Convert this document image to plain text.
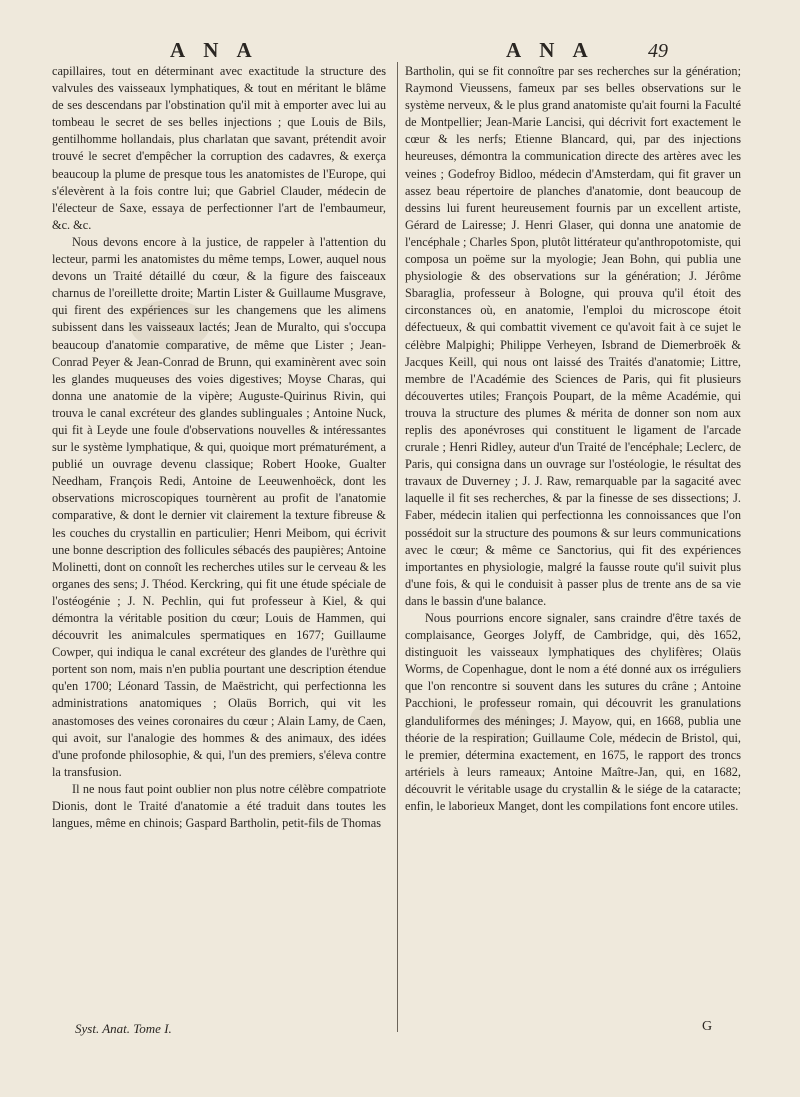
A N A	A N A	49

capillaires, tout en déterminant avec exactitude la structure des valvules des vaisseaux lymphatiques, & tout en méritant le blâme de ses descendans par l'obstination qu'il mit à emporter avec lui au tombeau le secret de ses belles injections ; que Louis de Bils, gentilhomme hollandais, plus charlatan que savant, prétendit avoir trouvé le secret d'empêcher la corruption des cadavres, & exerça beaucoup la plume de presque tous les anatomistes de l'Europe, qui s'élevèrent à la fois contre lui; que Gabriel Clauder, médecin de l'électeur de Saxe, essaya de perfectionner l'art de l'embaumeur, &c. &c.

Nous devons encore à la justice, de rappeler à l'attention du lecteur, parmi les anatomistes du même temps, Lower, auquel nous devons un Traité détaillé du cœur, & la figure des faisceaux charnus de l'oreillette droite; Martin Lister & Guillaume Musgrave, qui firent des expériences sur les changemens que les alimens subissent dans les vaisseaux lactés; Jean de Muralto, qui s'occupa beaucoup d'anatomie comparative, de même que Lister ; Jean-Conrad Peyer & Jean-Conrad de Brunn, qui examinèrent avec soin les glandes muqueuses des voies digestives; Moyse Charas, qui donna une anatomie de la vipère; Auguste-Quirinus Rivin, qui trouva le canal excréteur des glandes sublinguales ; Antoine Nuck, qui fit à Leyde une foule d'observations nouvelles & intéressantes sur le système lymphatique, & qui, quoique mort prématurément, a publié un ouvrage devenu classique; Robert Hooke, Gualter Needham, François Redi, Antoine de Leeuwenhoëck, dont les observations microscopiques tournèrent au profit de l'anatomie comparative, & dont le dernier vit clairement la texture fibreuse & les couches du crystallin en particulier; Henri Meibom, qui écrivit une bonne description des follicules sébacés des paupières; Antoine Molinetti, dont on connoît les recherches utiles sur le cerveau & les organes des sens; J. Théod. Kerckring, qui fit une étude spéciale de l'ostéogénie ; J. N. Pechlin, qui fut professeur à Kiel, & qui démontra la véritable position du cœur; Louis de Hammen, qui découvrit les animalcules spermatiques en 1677; Guillaume Cowper, qui indiqua le canal excréteur des glandes de l'urèthre qui portent son nom, mais n'en publia pourtant une description étendue qu'en 1700; Léonard Tassin, de Maëstricht, qui perfectionna les administrations anatomiques ; Olaüs Borrich, qui vit les anastomoses des veines coronaires du cœur ; Alain Lamy, de Caen, qui avoit, sur l'analogie des hommes & des animaux, des idées d'une profonde philosophie, & qui, l'un des premiers, s'éleva contre la transfusion.

Il ne nous faut point oublier non plus notre célèbre compatriote Dionis, dont le Traité d'anatomie a été traduit dans toutes les langues, même en chinois; Gaspard Bartholin, petit-fils de Thomas

Bartholin, qui se fit connoître par ses recherches sur la génération; Raymond Vieussens, fameux par ses belles observations sur le système nerveux, & le plus grand anatomiste qu'ait fourni la Faculté de Montpellier; Jean-Marie Lancisi, qui décrivit fort exactement le cœur & les nerfs; Etienne Blancard, qui, par des injections heureuses, démontra la communication directe des artères avec les veines ; Godefroy Bidloo, médecin d'Amsterdam, qui fit graver un assez beau répertoire de planches d'anatomie, dont beaucoup de dessins lui furent heureusement fournis par un excellent artiste, Gérard de Lairesse; J. Henri Glaser, qui donna une anatomie de l'encéphale ; Charles Spon, plutôt littérateur qu'anthropotomiste, qui composa un poëme sur la myologie; Jean Bohn, qui publia une physiologie & des observations sur la génération; J. Jérôme Sbaraglia, professeur à Bologne, qui prouva qu'il étoit des circonstances où, en anatomie, l'emploi du microscope étoit défectueux, & qui combattit vivement ce qu'avoit fait à ce sujet le célèbre Malpighi; Philippe Verheyen, Isbrand de Diemerbroëk & Jacques Keill, qui nous ont laissé des Traités d'anatomie; Littre, membre de l'Académie des Sciences de Paris, qui fit plusieurs découvertes utiles; François Poupart, de la même Académie, qui trouva la structure des plumes & mérita de donner son nom aux replis des aponévroses qui constituent le ligament de l'arcade crurale ; Henri Ridley, auteur d'un Traité de l'encéphale; Leclerc, de Paris, qui consigna dans un ouvrage sur l'ostéologie, le résultat des travaux de Duverney ; J. J. Raw, remarquable par la sagacité avec laquelle il fit ses recherches, & par la finesse de ses dissections; J. Faber, médecin italien qui perfectionna les connoissances que l'on possédoit sur la structure des poumons & sur leurs communications avec le cœur; & même ce Sanctorius, qui fit des expériences importantes en physiologie, malgré la fausse route qu'il suivit plus d'une fois, & qui le conduisit à passer plus de trente ans de sa vie dans le bassin d'une balance.

Nous pourrions encore signaler, sans craindre d'être taxés de complaisance, Georges Jolyff, de Cambridge, qui, dès 1652, distinguoit les vaisseaux lymphatiques des chylifères; Olaüs Worms, de Copenhague, dont le nom a été donné aux os irréguliers que l'on rencontre si souvent dans les sutures du crâne ; Antoine Pacchioni, le professeur romain, qui découvrit les granulations glanduliformes des méninges; J. Mayow, qui, en 1668, publia une théorie de la respiration; Guillaume Cole, médecin de Bristol, qui, le premier, détermina exactement, en 1675, le rapport des troncs artériels à leurs rameaux; Antoine Maître-Jan, qui, en 1682, découvrit le véritable usage du crystallin & le siége de la cataracte; enfin, le laborieux Manget, dont les compilations font encore utiles.

Syst. Anat. Tome I.	G
